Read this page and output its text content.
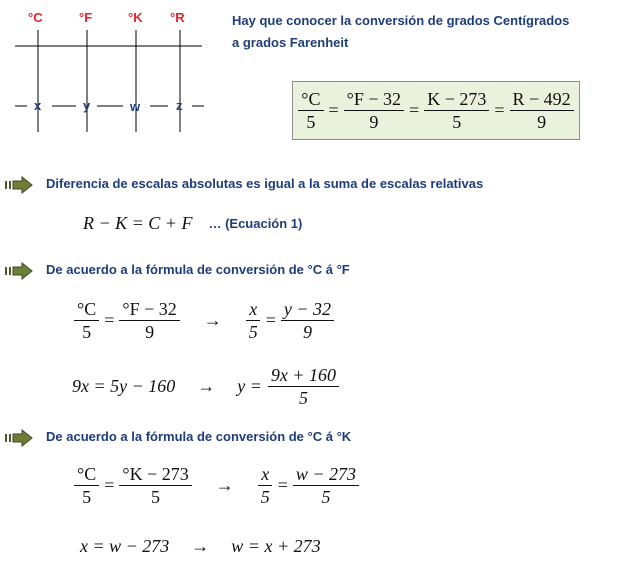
°C	°F	°K °R
x	y	w	z
Hay que conocer la conversión de grados Centígrados
a grados Farenheit
$\frac{^\circ C}{5} = \frac{^\circ F - 32}{9} = \frac{K - 273}{5} = \frac{R - 492}{9}$
Diferencia de escalas absolutas es igual a la suma de escalas relativas
R − K = C + F … (Ecuación 1)
De acuerdo a la fórmula de conversión de °C á °F
$\frac{^\circ C}{5} = \frac{^\circ F - 32}{9} \to \frac{x}{5} = \frac{y - 32}{9}$
$9x = 5y - 160 \to y = \frac{9x + 160}{5}$
De acuerdo a la fórmula de conversión de °C á °K
$\frac{^\circ C}{5} = \frac{^\circ K - 273}{5} \to \frac{x}{5} = \frac{w - 273}{5}$
x = w − 273 → w = x + 273
